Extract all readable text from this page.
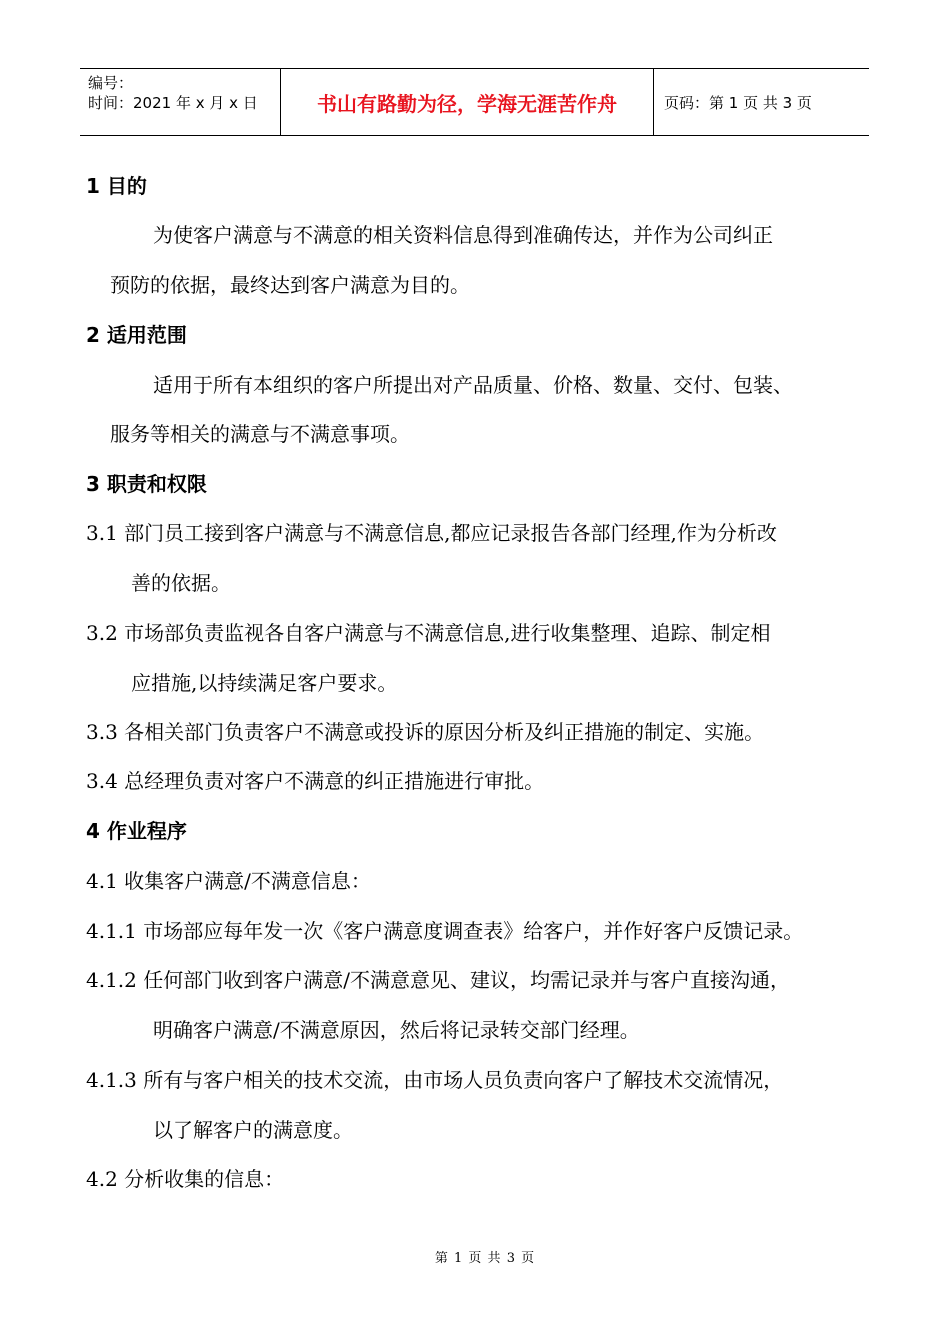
编号：
时间：2021 年 x 月 x 日	书山有路勤为径，学海无涯苦作舟	页码：第 1 页 共 3 页
1 目的
为使客户满意与不满意的相关资料信息得到准确传达，并作为公司纠正
预防的依据，最终达到客户满意为目的。
2 适用范围
适用于所有本组织的客户所提出对产品质量、价格、数量、交付、包装、
服务等相关的满意与不满意事项。
3 职责和权限
3.1 部门员工接到客户满意与不满意信息,都应记录报告各部门经理,作为分析改
善的依据。
3.2 市场部负责监视各自客户满意与不满意信息,进行收集整理、追踪、制定相
应措施,以持续满足客户要求。
3.3 各相关部门负责客户不满意或投诉的原因分析及纠正措施的制定、实施。
3.4 总经理负责对客户不满意的纠正措施进行审批。
4 作业程序
4.1 收集客户满意/不满意信息：
4.1.1 市场部应每年发一次《客户满意度调查表》给客户，并作好客户反馈记录。
4.1.2 任何部门收到客户满意/不满意意见、建议，均需记录并与客户直接沟通，
明确客户满意/不满意原因，然后将记录转交部门经理。
4.1.3 所有与客户相关的技术交流，由市场人员负责向客户了解技术交流情况，
以了解客户的满意度。
4.2 分析收集的信息：
第 1 页 共 3 页
